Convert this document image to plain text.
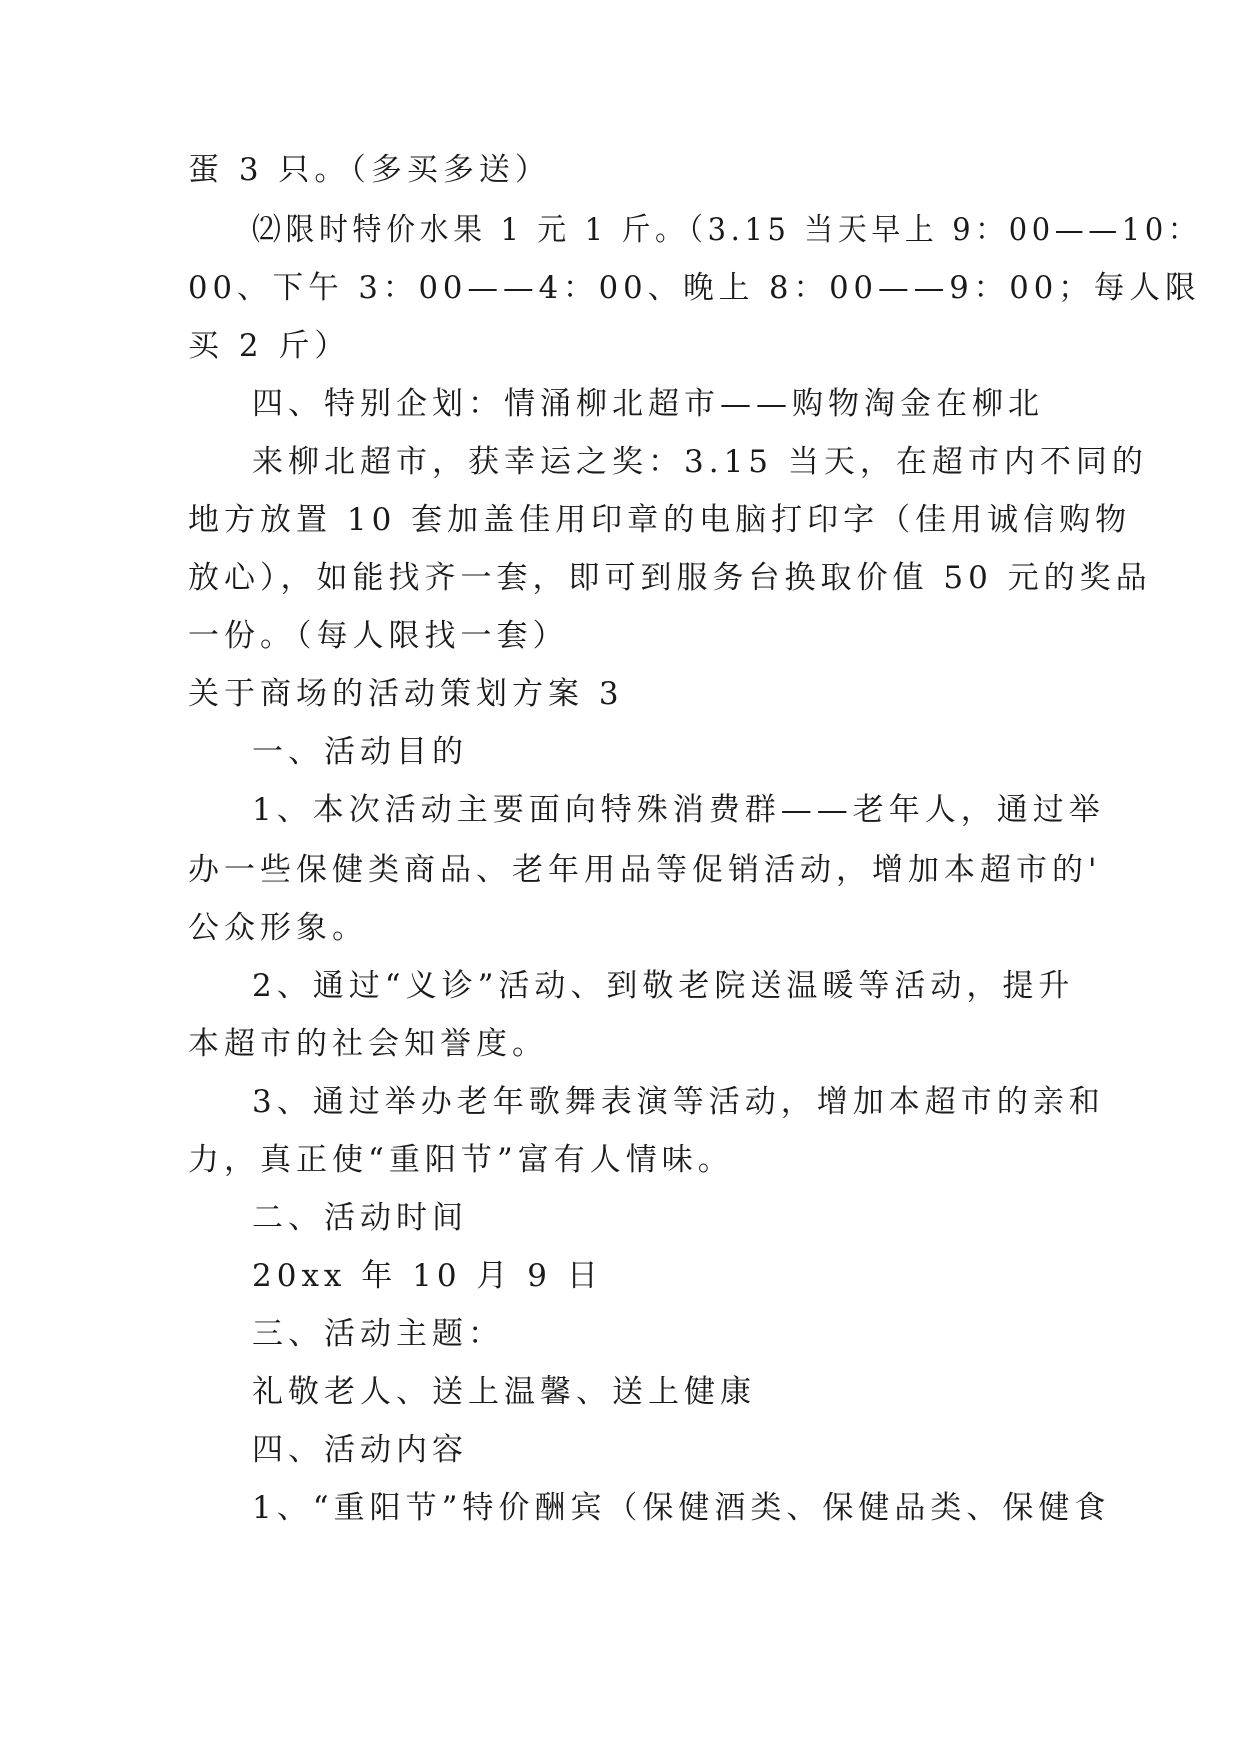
蛋 3 只。（多买多送）
⑵限时特价水果 1 元 1 斤。（3.15 当天早上 9：00——10：
00、下午 3：00——4：00、晚上 8：00——9：00；每人限
买 2 斤）
四、特别企划：情涌柳北超市——购物淘金在柳北
来柳北超市，获幸运之奖：3.15 当天，在超市内不同的
地方放置 10 套加盖佳用印章的电脑打印字（佳用诚信购物
放心），如能找齐一套，即可到服务台换取价值 50 元的奖品
一份。（每人限找一套）
关于商场的活动策划方案 3
一、活动目的
1、本次活动主要面向特殊消费群——老年人，通过举
办一些保健类商品、老年用品等促销活动，增加本超市的'
公众形象。
2、通过“义诊”活动、到敬老院送温暖等活动，提升
本超市的社会知誉度。
3、通过举办老年歌舞表演等活动，增加本超市的亲和
力，真正使“重阳节”富有人情味。
二、活动时间
20xx 年 10 月 9 日
三、活动主题：
礼敬老人、送上温馨、送上健康
四、活动内容
1、“重阳节”特价酬宾（保健酒类、保健品类、保健食
